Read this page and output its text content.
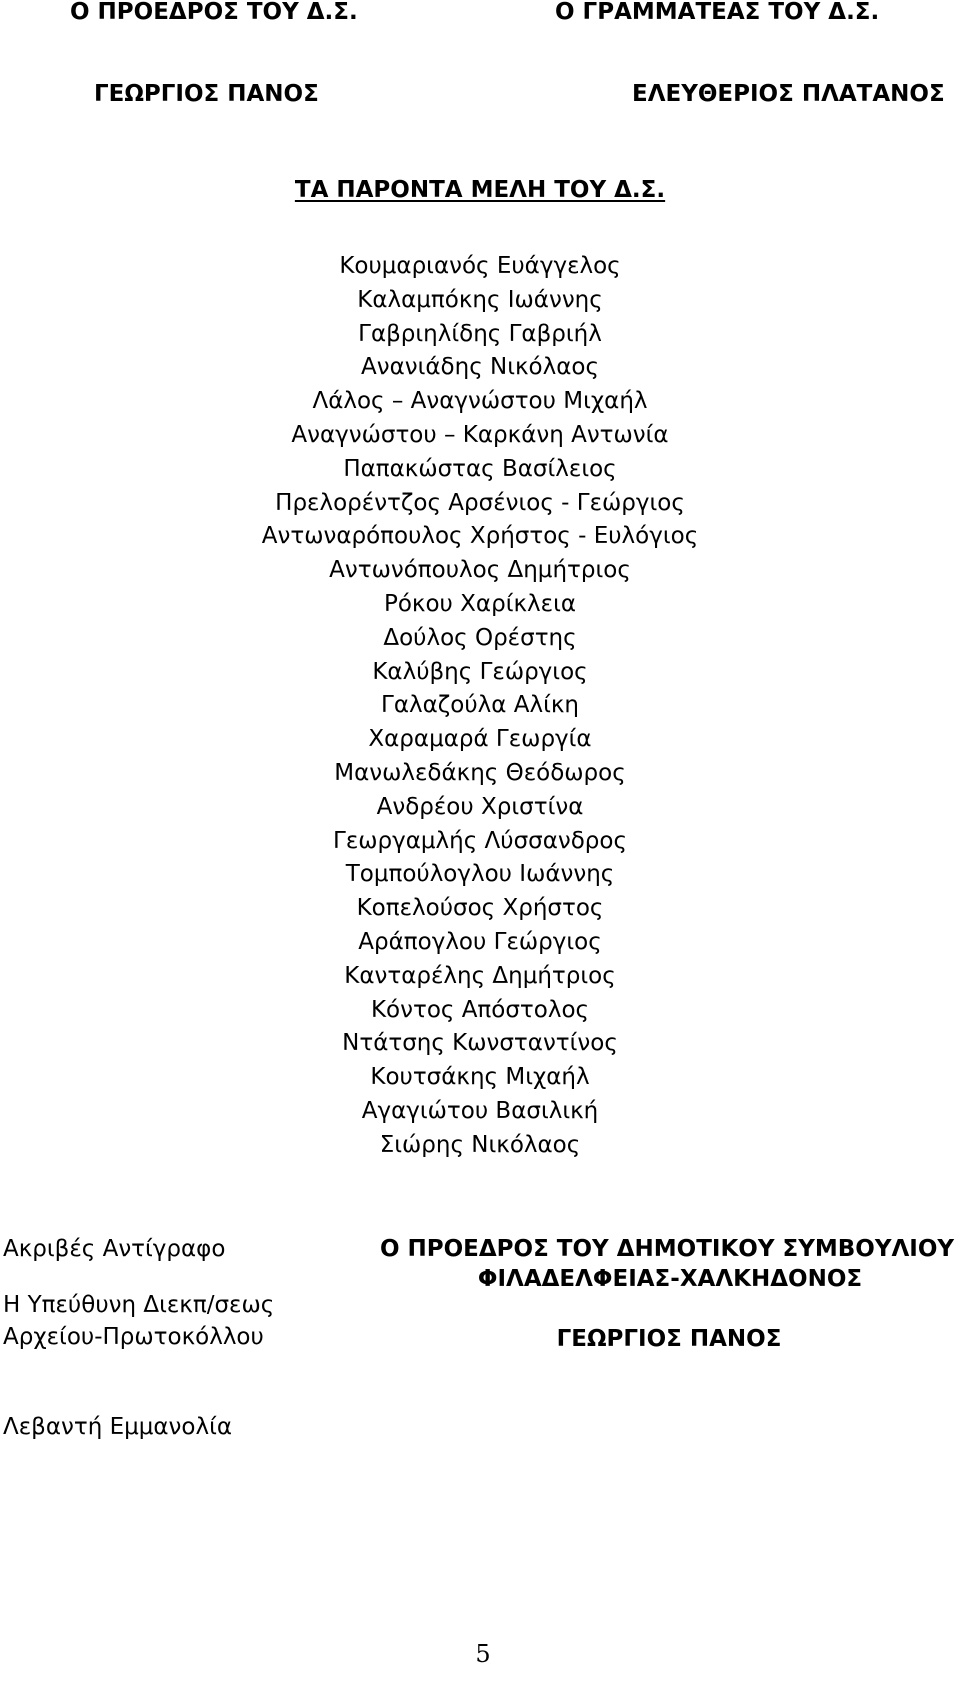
Ο ΠΡΟΕΔΡΟΣ ΤΟΥ Δ.Σ.	Ο ΓΡΑΜΜΑΤΕΑΣ ΤΟΥ Δ.Σ.
ΓΕΩΡΓΙΟΣ ΠΑΝΟΣ	ΕΛΕΥΘΕΡΙΟΣ ΠΛΑΤΑΝΟΣ
ΤΑ ΠΑΡΟΝΤΑ ΜΕΛΗ ΤΟΥ Δ.Σ.
Κουμαριανός Ευάγγελος
Καλαμπόκης Ιωάννης
Γαβριηλίδης Γαβριήλ
Ανανιάδης Νικόλαος
Λάλος – Αναγνώστου Μιχαήλ
Αναγνώστου – Καρκάνη Αντωνία
Παπακώστας Βασίλειος
Πρελορέντζος Αρσένιος - Γεώργιος
Αντωναρόπουλος Χρήστος - Ευλόγιος
Αντωνόπουλος Δημήτριος
Ρόκου Χαρίκλεια
Δούλος Ορέστης
Καλύβης Γεώργιος
Γαλαζούλα Αλίκη
Χαραμαρά Γεωργία
Μανωλεδάκης Θεόδωρος
Ανδρέου Χριστίνα
Γεωργαμλής Λύσσανδρος
Τομπούλογλου Ιωάννης
Κοπελούσος Χρήστος
Αράπογλου Γεώργιος
Κανταρέλης Δημήτριος
Κόντος Απόστολος
Ντάτσης Κωνσταντίνος
Κουτσάκης Μιχαήλ
Αγαγιώτου Βασιλική
Σιώρης Νικόλαος
Ακριβές Αντίγραφο
Η Υπεύθυνη Διεκπ/σεως
Αρχείου-Πρωτοκόλλου
Λεβαντή Εμμανολία
Ο ΠΡΟΕΔΡΟΣ ΤΟΥ ΔΗΜΟΤΙΚΟΥ ΣΥΜΒΟΥΛΙΟΥ
ΦΙΛΑΔΕΛΦΕΙΑΣ-ΧΑΛΚΗΔΟΝΟΣ
ΓΕΩΡΓΙΟΣ ΠΑΝΟΣ
5
